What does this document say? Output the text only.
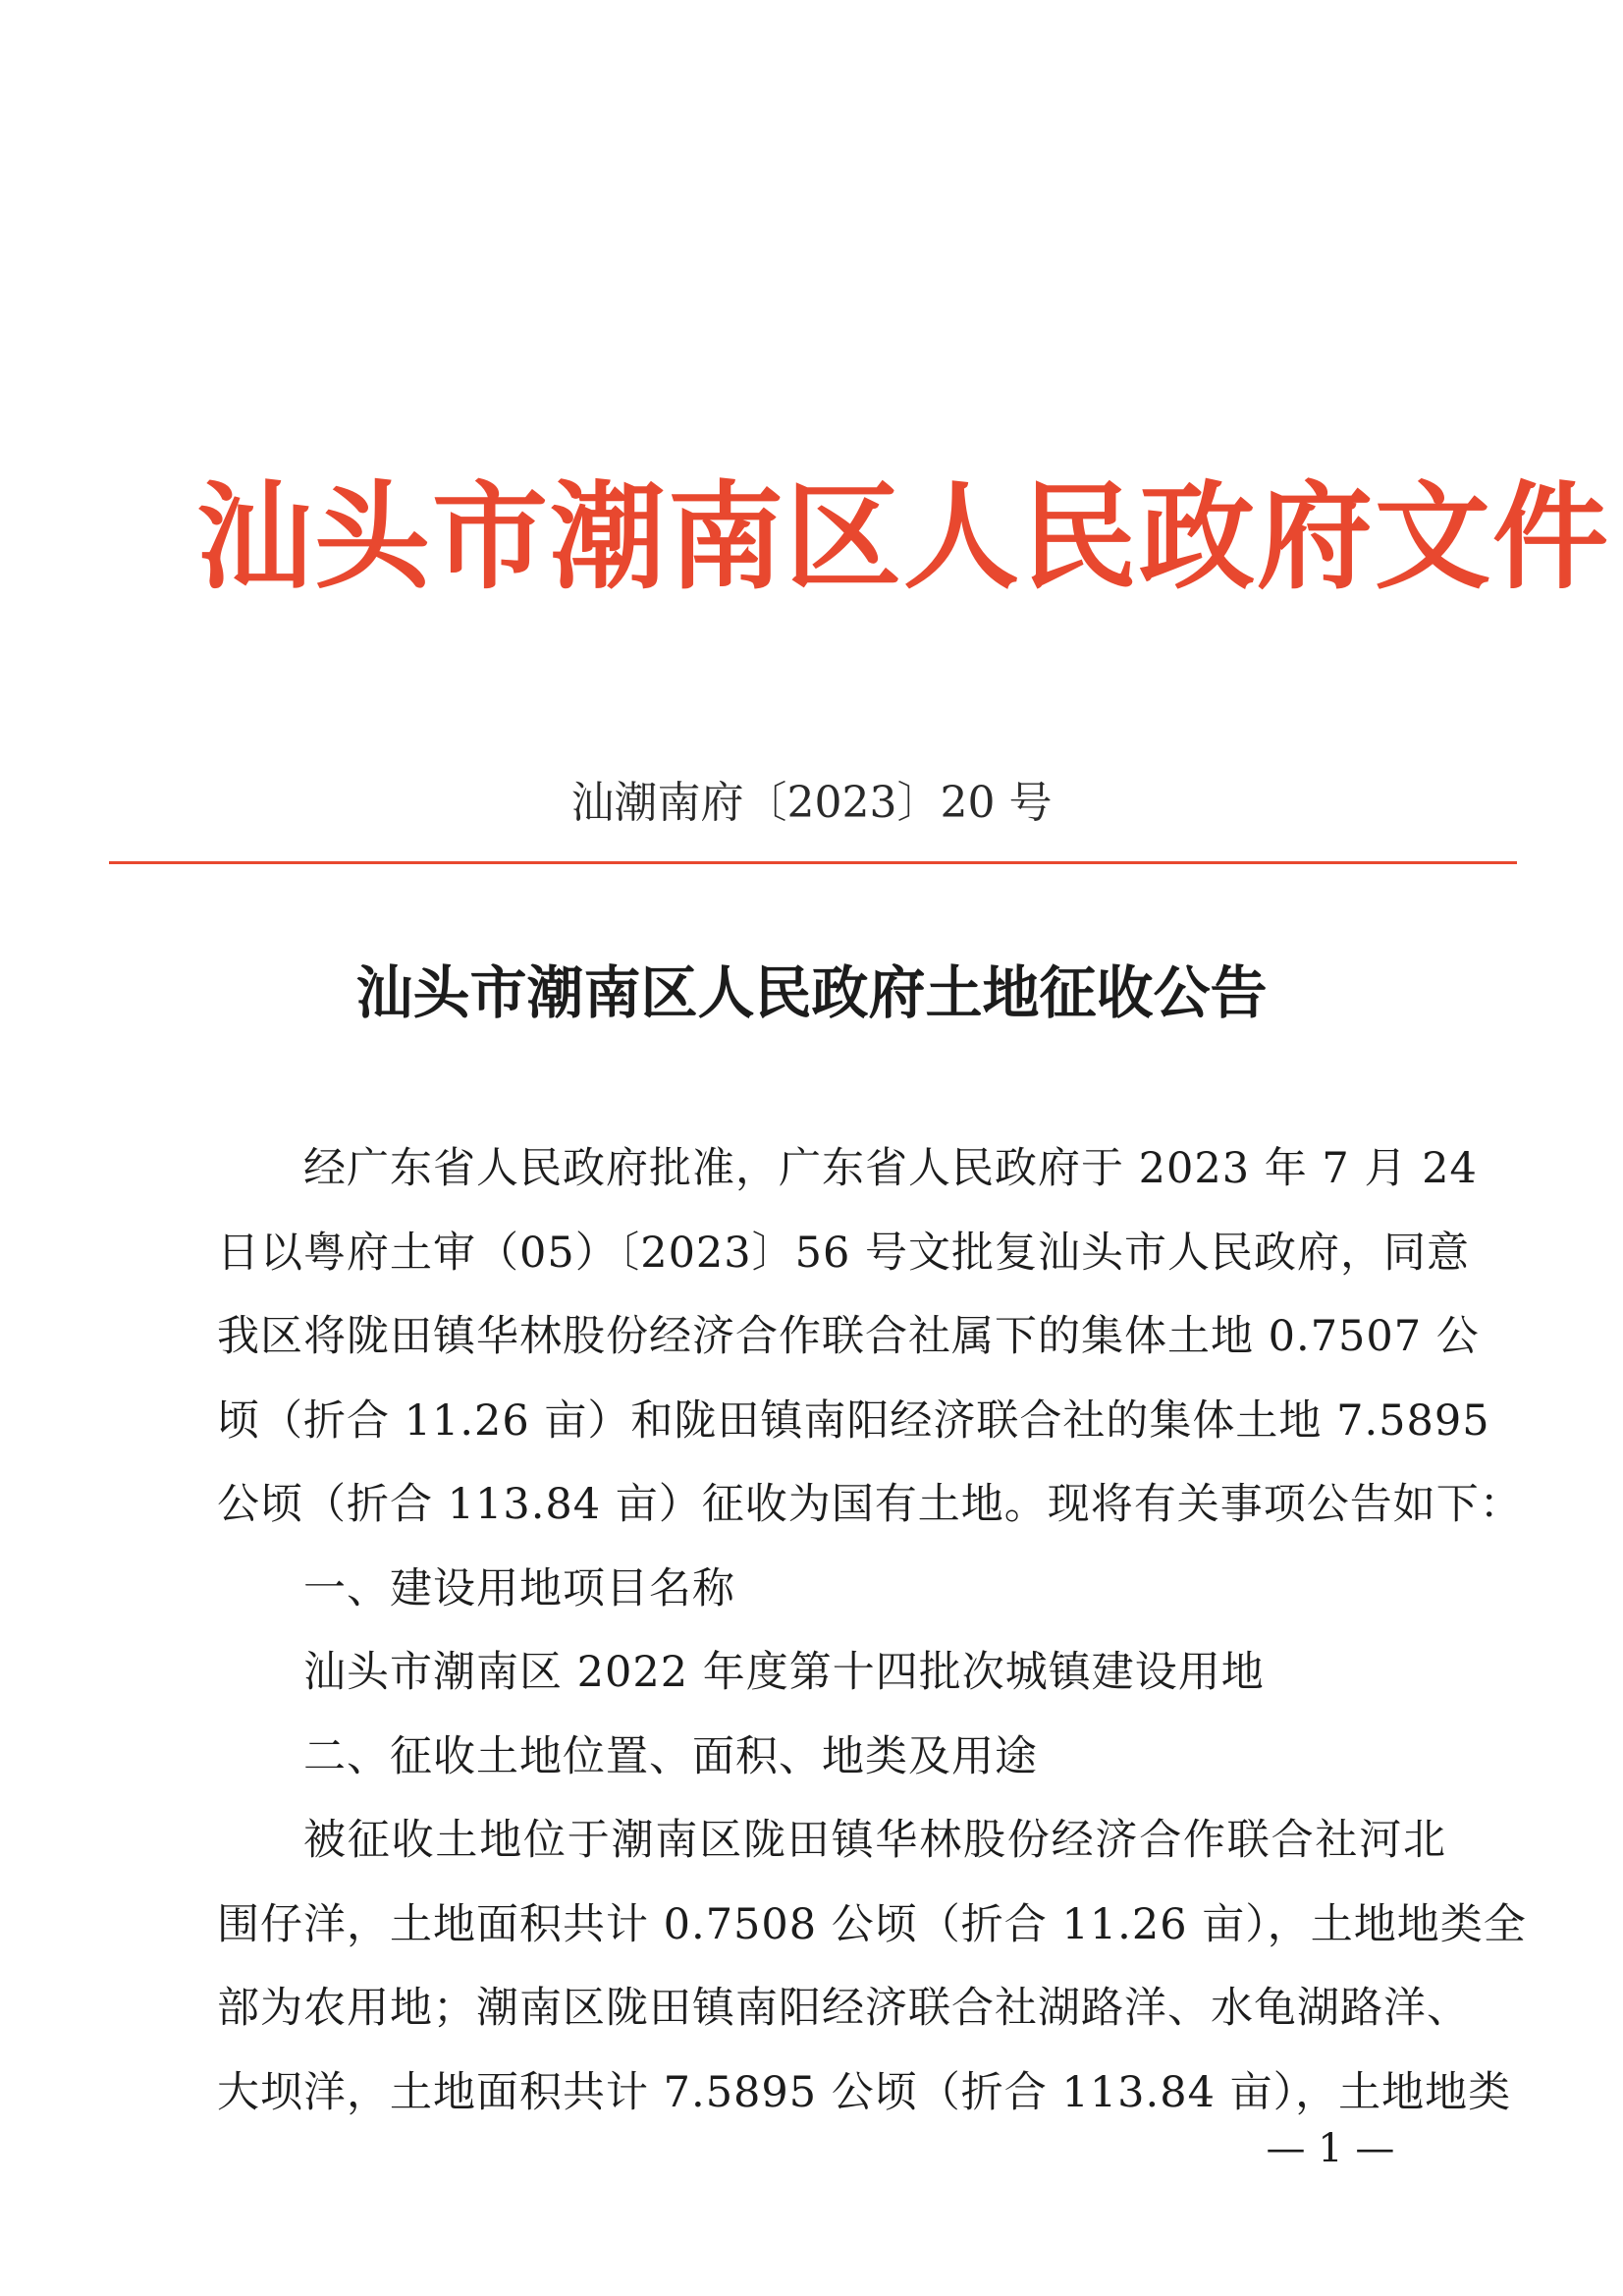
汕头市潮南区人民政府文件
汕潮南府〔2023〕20 号
汕头市潮南区人民政府土地征收公告
经广东省人民政府批准，广东省人民政府于 2023 年 7 月 24
日以粤府土审（05）〔2023〕56 号文批复汕头市人民政府，同意
我区将陇田镇华林股份经济合作联合社属下的集体土地 0.7507 公
顷（折合 11.26 亩）和陇田镇南阳经济联合社的集体土地 7.5895
公顷（折合 113.84 亩）征收为国有土地。现将有关事项公告如下：
一、建设用地项目名称
汕头市潮南区 2022 年度第十四批次城镇建设用地
二、征收土地位置、面积、地类及用途
被征收土地位于潮南区陇田镇华林股份经济合作联合社河北
围仔洋，土地面积共计 0.7508 公顷（折合 11.26 亩），土地地类全
部为农用地；潮南区陇田镇南阳经济联合社湖路洋、水龟湖路洋、
大坝洋，土地面积共计 7.5895 公顷（折合 113.84 亩），土地地类
— 1 —
